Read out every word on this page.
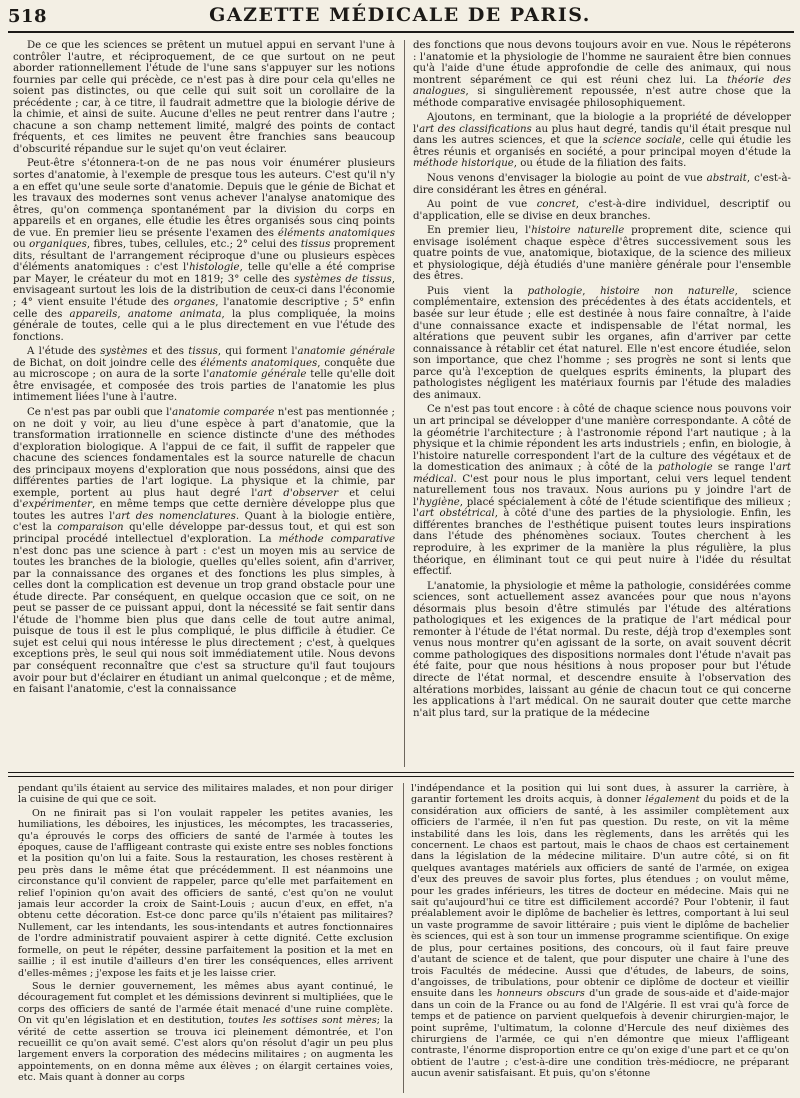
518	GAZETTE MÉDICALE DE PARIS.

De ce que les sciences se prêtent un mutuel appui en servant l'une à contrôler l'autre, et réciproquement, de ce que surtout on ne peut aborder rationnellement l'étude de l'une sans s'appuyer sur les notions fournies par celle qui précède, ce n'est pas à dire pour cela qu'elles ne soient pas distinctes, ou que celle qui suit soit un corollaire de la précédente ; car, à ce titre, il faudrait admettre que la biologie dérive de la chimie, et ainsi de suite. Aucune d'elles ne peut rentrer dans l'autre ; chacune a son champ nettement limité, malgré des points de contact fréquents, et ces limites ne peuvent être franchies sans beaucoup d'obscurité répandue sur le sujet qu'on veut éclairer.

Peut-être s'étonnera-t-on de ne pas nous voir énumérer plusieurs sortes d'anatomie, à l'exemple de presque tous les auteurs. C'est qu'il n'y a en effet qu'une seule sorte d'anatomie. Depuis que le génie de Bichat et les travaux des modernes sont venus achever l'analyse anatomique des êtres, qu'on commença spontanément par la division du corps en appareils et en organes, elle étudie les êtres organisés sous cinq points de vue. En premier lieu se présente l'examen des éléments anatomiques ou organiques, fibres, tubes, cellules, etc.; 2° celui des tissus proprement dits, résultant de l'arrangement réciproque d'une ou plusieurs espèces d'éléments anatomiques : c'est l'histologie, telle qu'elle a été comprise par Mayer, le créateur du mot en 1819; 3° celle des systèmes de tissus, envisageant surtout les lois de la distribution de ceux-ci dans l'économie ; 4° vient ensuite l'étude des organes, l'anatomie descriptive ; 5° enfin celle des appareils, anatome animata, la plus compliquée, la moins générale de toutes, celle qui a le plus directement en vue l'étude des fonctions.

A l'étude des systèmes et des tissus, qui forment l'anatomie générale de Bichat, on doit joindre celle des éléments anatomiques, conquête due au microscope ; on aura de la sorte l'anatomie générale telle qu'elle doit être envisagée, et composée des trois parties de l'anatomie les plus intimement liées l'une à l'autre.

Ce n'est pas par oubli que l'anatomie comparée n'est pas mentionnée ; on ne doit y voir, au lieu d'une espèce à part d'anatomie, que la transformation irrationnelle en science distincte d'une des méthodes d'exploration biologique. A l'appui de ce fait, il suffit de rappeler que chacune des sciences fondamentales est la source naturelle de chacun des principaux moyens d'exploration que nous possédons, ainsi que des différentes parties de l'art logique. La physique et la chimie, par exemple, portent au plus haut degré l'art d'observer et celui d'expérimenter, en même temps que cette dernière développe plus que toutes les autres l'art des nomenclatures. Quant à la biologie entière, c'est la comparaison qu'elle développe par-dessus tout, et qui est son principal procédé intellectuel d'exploration. La méthode comparative n'est donc pas une science à part : c'est un moyen mis au service de toutes les branches de la biologie, quelles qu'elles soient, afin d'arriver, par la connaissance des organes et des fonctions les plus simples, à celles dont la complication est devenue un trop grand obstacle pour une étude directe. Par conséquent, en quelque occasion que ce soit, on ne peut se passer de ce puissant appui, dont la nécessité se fait sentir dans l'étude de l'homme bien plus que dans celle de tout autre animal, puisque de tous il est le plus compliqué, le plus difficile à étudier. Ce sujet est celui qui nous intéresse le plus directement ; c'est, à quelques exceptions près, le seul qui nous soit immédiatement utile. Nous devons par conséquent reconnaître que c'est sa structure qu'il faut toujours avoir pour but d'éclairer en étudiant un animal quelconque ; et de même, en faisant l'anatomie, c'est la connaissance

des fonctions que nous devons toujours avoir en vue. Nous le répéterons : l'anatomie et la physiologie de l'homme ne sauraient être bien connues qu'à l'aide d'une étude approfondie de celle des animaux, qui nous montrent séparément ce qui est réuni chez lui. La théorie des analogues, si singulièrement repoussée, n'est autre chose que la méthode comparative envisagée philosophiquement.

Ajoutons, en terminant, que la biologie a la propriété de développer l'art des classifications au plus haut degré, tandis qu'il était presque nul dans les autres sciences, et que la science sociale, celle qui étudie les êtres réunis et organisés en société, a pour principal moyen d'étude la méthode historique, ou étude de la filiation des faits.

Nous venons d'envisager la biologie au point de vue abstrait, c'est-à-dire considérant les êtres en général.

Au point de vue concret, c'est-à-dire individuel, descriptif ou d'application, elle se divise en deux branches.

En premier lieu, l'histoire naturelle proprement dite, science qui envisage isolément chaque espèce d'êtres successivement sous les quatre points de vue, anatomique, biotaxique, de la science des milieux et physiologique, déjà étudiés d'une manière générale pour l'ensemble des êtres.

Puis vient la pathologie, histoire non naturelle, science complémentaire, extension des précédentes à des états accidentels, et basée sur leur étude ; elle est destinée à nous faire connaître, à l'aide d'une connaissance exacte et indispensable de l'état normal, les altérations que peuvent subir les organes, afin d'arriver par cette connaissance à rétablir cet état naturel. Elle n'est encore étudiée, selon son importance, que chez l'homme ; ses progrès ne sont si lents que parce qu'à l'exception de quelques esprits éminents, la plupart des pathologistes négligent les matériaux fournis par l'étude des maladies des animaux.

Ce n'est pas tout encore : à côté de chaque science nous pouvons voir un art principal se développer d'une manière correspondante. A côté de la géométrie l'architecture ; à l'astronomie répond l'art nautique ; à la physique et la chimie répondent les arts industriels ; enfin, en biologie, à l'histoire naturelle correspondent l'art de la culture des végétaux et de la domestication des animaux ; à côté de la pathologie se range l'art médical. C'est pour nous le plus important, celui vers lequel tendent naturellement tous nos travaux. Nous aurions pu y joindre l'art de l'hygiène, placé spécialement à côté de l'étude scientifique des milieux ; l'art obstétrical, à côté d'une des parties de la physiologie. Enfin, les différentes branches de l'esthétique puisent toutes leurs inspirations dans l'étude des phénomènes sociaux. Toutes cherchent à les reproduire, à les exprimer de la manière la plus régulière, la plus théorique, en éliminant tout ce qui peut nuire à l'idée du résultat effectif.

L'anatomie, la physiologie et même la pathologie, considérées comme sciences, sont actuellement assez avancées pour que nous n'ayons désormais plus besoin d'être stimulés par l'étude des altérations pathologiques et les exigences de la pratique de l'art médical pour remonter à l'étude de l'état normal. Du reste, déjà trop d'exemples sont venus nous montrer qu'en agissant de la sorte, on avait souvent décrit comme pathologiques des dispositions normales dont l'étude n'avait pas été faite, pour que nous hésitions à nous proposer pour but l'étude directe de l'état normal, et descendre ensuite à l'observation des altérations morbides, laissant au génie de chacun tout ce qui concerne les applications à l'art médical. On ne saurait douter que cette marche n'ait plus tard, sur la pratique de la médecine

pendant qu'ils étaient au service des militaires malades, et non pour diriger la cuisine de qui que ce soit.

On ne finirait pas si l'on voulait rappeler les petites avanies, les humiliations, les déboires, les injustices, les mécomptes, les tracasseries, qu'a éprouvés le corps des officiers de santé de l'armée à toutes les époques, cause de l'affligeant contraste qui existe entre ses nobles fonctions et la position qu'on lui a faite. Sous la restauration, les choses restèrent à peu près dans le même état que précédemment. Il est néanmoins une circonstance qu'il convient de rappeler, parce qu'elle met parfaitement en relief l'opinion qu'on avait des officiers de santé, c'est qu'on ne voulut jamais leur accorder la croix de Saint-Louis ; aucun d'eux, en effet, n'a obtenu cette décoration. Est-ce donc parce qu'ils n'étaient pas militaires? Nullement, car les intendants, les sous-intendants et autres fonctionnaires de l'ordre administratif pouvaient aspirer à cette dignité. Cette exclusion formelle, on peut le répéter, dessine parfaitement la position et la met en saillie ; il est inutile d'ailleurs d'en tirer les conséquences, elles arrivent d'elles-mêmes ; j'expose les faits et je les laisse crier.

Sous le dernier gouvernement, les mêmes abus ayant continué, le découragement fut complet et les démissions devinrent si multipliées, que le corps des officiers de santé de l'armée était menacé d'une ruine complète. On vit qu'en législation et en destitution, toutes les sottises sont mères; la vérité de cette assertion se trouva ici pleinement démontrée, et l'on recueillit ce qu'on avait semé. C'est alors qu'on résolut d'agir un peu plus largement envers la corporation des médecins militaires ; on augmenta les appointements, on en donna même aux élèves ; on élargit certaines voies, etc. Mais quant à donner au corps

l'indépendance et la position qui lui sont dues, à assurer la carrière, à garantir fortement les droits acquis, à donner légalement du poids et de la considération aux officiers de santé, à les assimiler complètement aux officiers de l'armée, il n'en fut pas question. Du reste, on vit la même instabilité dans les lois, dans les règlements, dans les arrêtés qui les concernent. Le chaos est partout, mais le chaos de chaos est certainement dans la législation de la médecine militaire. D'un autre côté, si on fit quelques avantages matériels aux officiers de santé de l'armée, on exigea d'eux des preuves de savoir plus fortes, plus étendues ; on voulut même, pour les grades inférieurs, les titres de docteur en médecine. Mais qui ne sait qu'aujourd'hui ce titre est difficilement accordé? Pour l'obtenir, il faut préalablement avoir le diplôme de bachelier ès lettres, comportant à lui seul un vaste programme de savoir littéraire ; puis vient le diplôme de bachelier ès sciences, qui est à son tour un immense programme scientifique. On exige de plus, pour certaines positions, des concours, où il faut faire preuve d'autant de science et de talent, que pour disputer une chaire à l'une des trois Facultés de médecine. Aussi que d'études, de labeurs, de soins, d'angoisses, de tribulations, pour obtenir ce diplôme de docteur et vieillir ensuite dans les honneurs obscurs d'un grade de sous-aide et d'aide-major dans un coin de la France ou au fond de l'Algérie. Il est vrai qu'à force de temps et de patience on parvient quelquefois à devenir chirurgien-major, le point suprême, l'ultimatum, la colonne d'Hercule des neuf dixièmes des chirurgiens de l'armée, ce qui n'en démontre que mieux l'affligeant contraste, l'énorme disproportion entre ce qu'on exige d'une part et ce qu'on obtient de l'autre ; c'est-à-dire une condition très-médiocre, ne préparant aucun avenir satisfaisant. Et puis, qu'on s'étonne
